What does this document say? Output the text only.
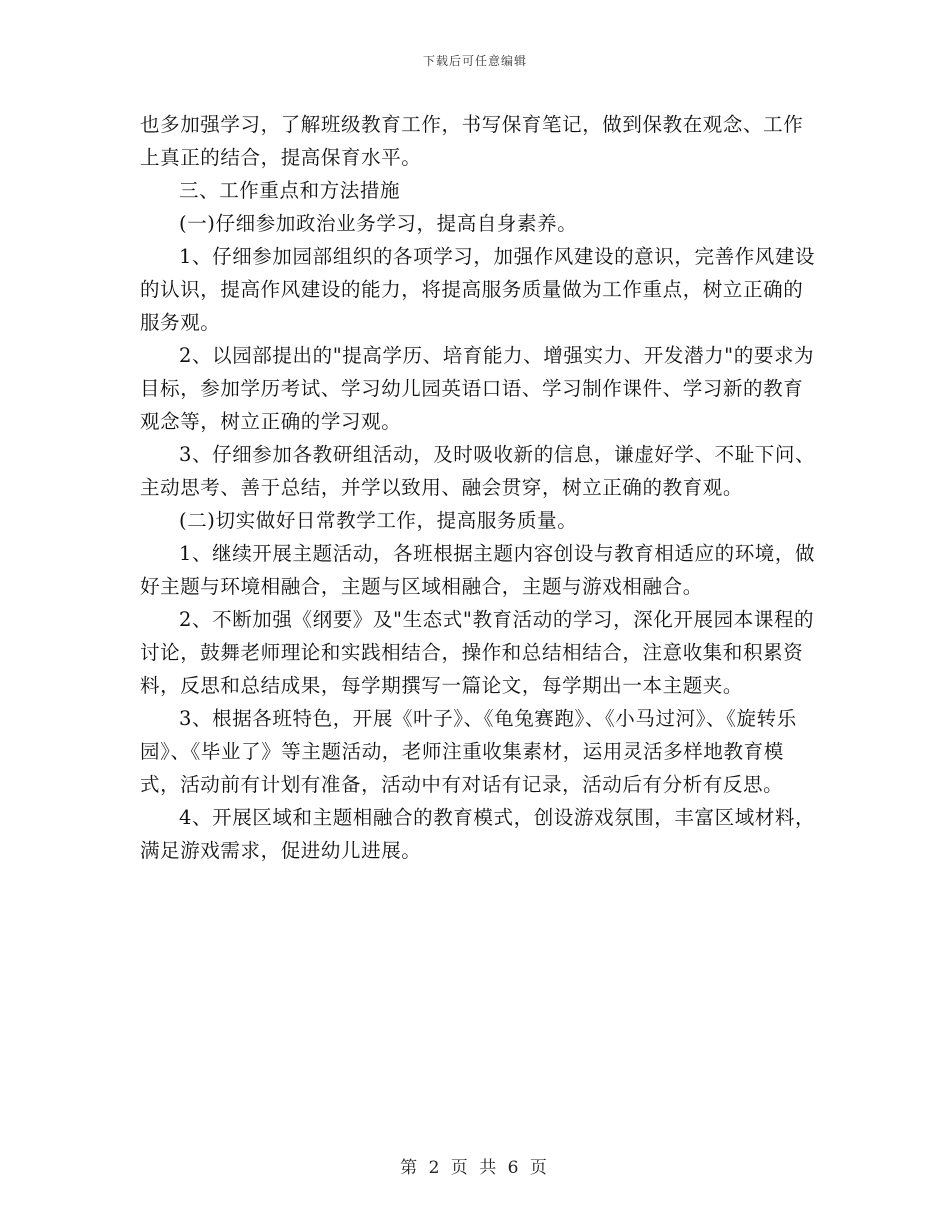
下载后可任意编辑

也多加强学习，了解班级教育工作，书写保育笔记，做到保教在观念、工作上真正的结合，提高保育水平。

三、工作重点和方法措施

(一)仔细参加政治业务学习，提高自身素养。

1、仔细参加园部组织的各项学习，加强作风建设的意识，完善作风建设的认识，提高作风建设的能力，将提高服务质量做为工作重点，树立正确的服务观。

2、以园部提出的"提高学历、培育能力、增强实力、开发潜力"的要求为目标，参加学历考试、学习幼儿园英语口语、学习制作课件、学习新的教育观念等，树立正确的学习观。

3、仔细参加各教研组活动，及时吸收新的信息，谦虚好学、不耻下问、主动思考、善于总结，并学以致用、融会贯穿，树立正确的教育观。

(二)切实做好日常教学工作，提高服务质量。

1、继续开展主题活动，各班根据主题内容创设与教育相适应的环境，做好主题与环境相融合，主题与区域相融合，主题与游戏相融合。

2、不断加强《纲要》及"生态式"教育活动的学习，深化开展园本课程的讨论，鼓舞老师理论和实践相结合，操作和总结相结合，注意收集和积累资料，反思和总结成果，每学期撰写一篇论文，每学期出一本主题夹。

3、根据各班特色，开展《叶子》、《龟兔赛跑》、《小马过河》、《旋转乐园》、《毕业了》等主题活动，老师注重收集素材，运用灵活多样地教育模式，活动前有计划有准备，活动中有对话有记录，活动后有分析有反思。

4、开展区域和主题相融合的教育模式，创设游戏氛围，丰富区域材料，满足游戏需求，促进幼儿进展。

第 2 页 共 6 页
